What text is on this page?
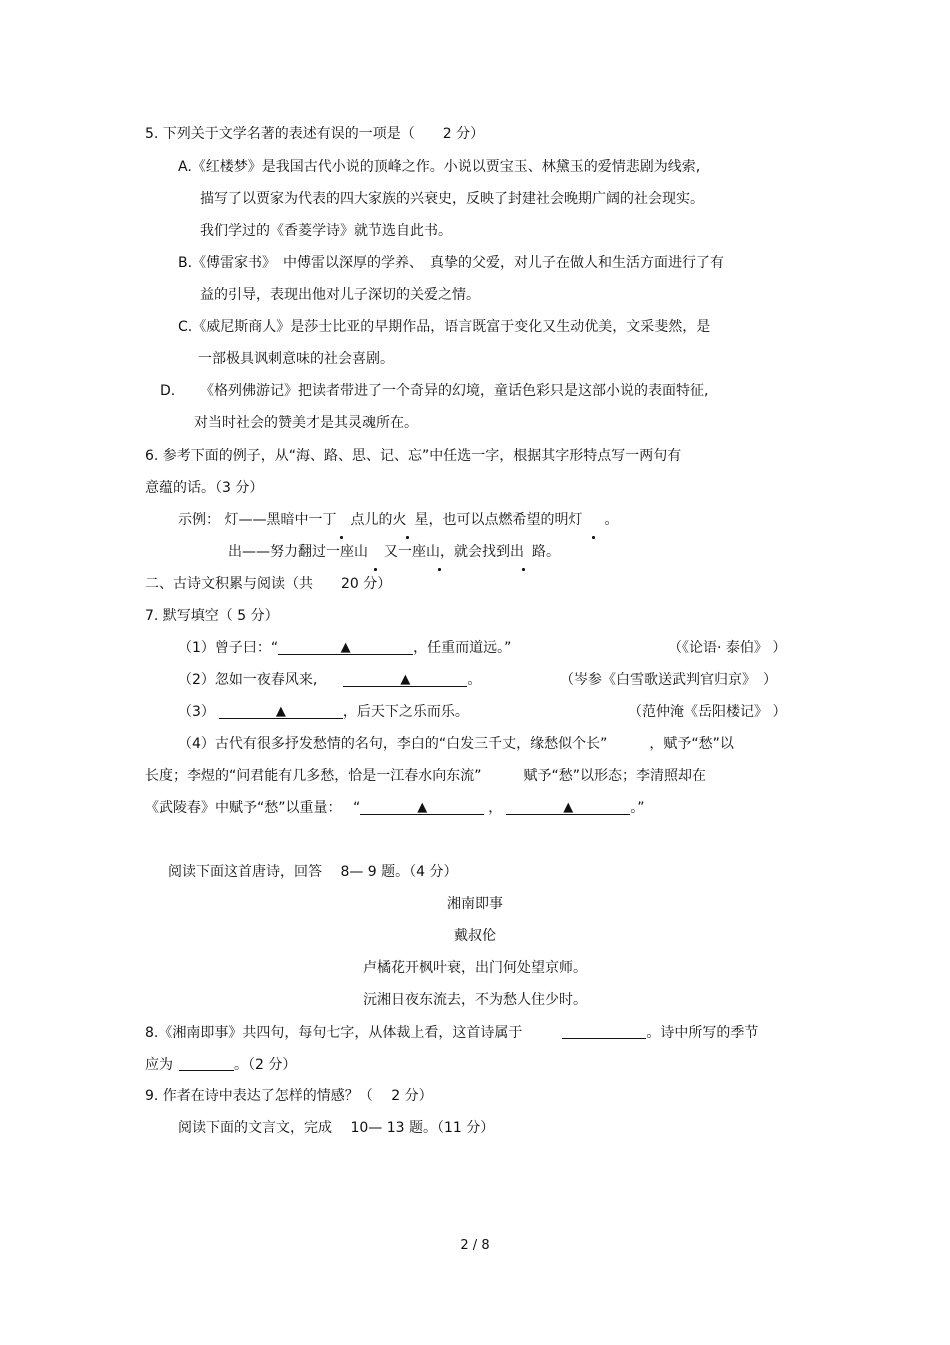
5. 下列关于文学名著的表述有误的一项是（　　2 分）
A.《红楼梦》是我国古代小说的顶峰之作。小说以贾宝玉、林黛玉的爱情悲剧为线索,
描写了以贾家为代表的四大家族的兴衰史，反映了封建社会晚期广阔的社会现实。
我们学过的《香菱学诗》就节选自此书。
B.《傅雷家书》　中傅雷以深厚的学养、　真挚的父爱，对儿子在做人和生活方面进行了有
益的引导，表现出他对儿子深切的关爱之情。
C.《威尼斯商人》是莎士比亚的早期作品，语言既富于变化又生动优美，文采斐然，是
一部极具讽刺意味的社会喜剧。
D. 《格列佛游记》把读者带进了一个奇异的幻境，童话色彩只是这部小说的表面特征,
对当时社会的赞美才是其灵魂所在。
6. 参考下面的例子，从“海、路、思、记、忘”中任选一字，根据其字形特点写一两句有
意蕴的话。（3 分）
示例： 灯——黑暗中一丁 点儿的火 星，也可以点燃希望的明灯 。
出——努力翻过一座山 又一座山，就会找到出 路。
二、古诗文积累与阅读（共　　20 分）
7. 默写填空（ 5 分）
（1）曾子曰：“	▲	，任重而道远。”	（《论语· 泰伯》 ）
（2）忽如一夜春风来,	▲	。	（岑参《白雪歌送武判官归京》　）
（3）	▲	，后天下之乐而乐。	（范仲淹《岳阳楼记》 ）
（4）古代有很多抒发愁情的名句，李白的“白发三千丈，缘愁似个长”　　　，赋予“愁”以
长度；李煜的“问君能有几多愁，恰是一江春水向东流”　　　赋予“愁”以形态；李清照却在
《武陵春》中赋予“愁”以重量：　 “	▲	，	▲	。”
阅读下面这首唐诗，回答　 8— 9 题。（4 分）
湘南即事
戴叔伦
卢橘花开枫叶衰，出门何处望京师。
沅湘日夜东流去，不为愁人住少时。
8.《湘南即事》共四句，每句七字，从体裁上看，这首诗属于	。诗中所写的季节
应为	。（2 分）
9. 作者在诗中表达了怎样的情感？（　 2 分）
阅读下面的文言文，完成　 10— 13 题。（11 分）
2 / 8
